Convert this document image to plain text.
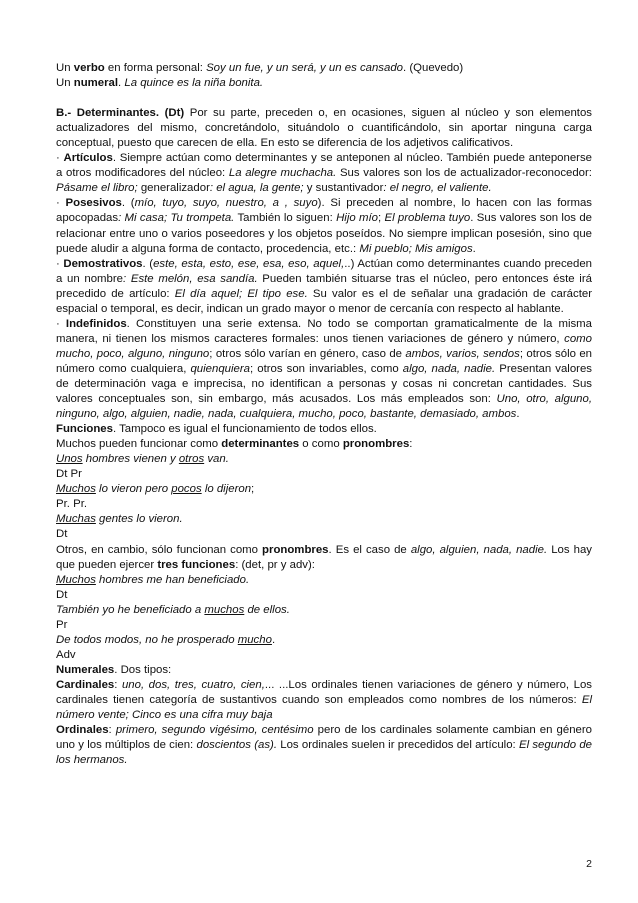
Un verbo en forma personal: Soy un fue, y un será, y un es cansado. (Quevedo)

Un numeral. La quince es la niña bonita.

B.- Determinantes. (Dt) Por su parte, preceden o, en ocasiones, siguen al núcleo y son elementos actualizadores del mismo, concretándolo, situándolo o cuantificándolo, sin aportar ninguna carga conceptual, puesto que carecen de ella. En esto se diferencia de los adjetivos calificativos.

· Artículos. Siempre actúan como determinantes y se anteponen al núcleo. También puede anteponerse a otros modificadores del núcleo: La alegre muchacha. Sus valores son los de actualizador-reconocedor: Pásame el libro; generalizador: el agua, la gente; y sustantivador: el negro, el valiente.

· Posesivos. (mío, tuyo, suyo, nuestro, a , suyo). Si preceden al nombre, lo hacen con las formas apocopadas: Mi casa; Tu trompeta. También lo siguen: Hijo mío; El problema tuyo. Sus valores son los de relacionar entre uno o varios poseedores y los objetos poseídos. No siempre implican posesión, sino que puede aludir a alguna forma de contacto, procedencia, etc.: Mi pueblo; Mis amigos.

· Demostrativos. (este, esta, esto, ese, esa, eso, aquel,..) Actúan como determinantes cuando preceden a un nombre: Este melón, esa sandía. Pueden también situarse tras el núcleo, pero entonces éste irá precedido de artículo: El día aquel; El tipo ese. Su valor es el de señalar una gradación de carácter espacial o temporal, es decir, indican un grado mayor o menor de cercanía con respecto al hablante.

· Indefinidos. Constituyen una serie extensa. No todo se comportan gramaticalmente de la misma manera, ni tienen los mismos caracteres formales: unos tienen variaciones de género y número, como mucho, poco, alguno, ninguno; otros sólo varían en género, caso de ambos, varios, sendos; otros sólo en número como cualquiera, quienquiera; otros son invariables, como algo, nada, nadie. Presentan valores de determinación vaga e imprecisa, no identifican a personas y cosas ni concretan cantidades. Sus valores conceptuales son, sin embargo, más acusados. Los más empleados son: Uno, otro, alguno, ninguno, algo, alguien, nadie, nada, cualquiera, mucho, poco, bastante, demasiado, ambos.

Funciones. Tampoco es igual el funcionamiento de todos ellos.

Muchos pueden funcionar como determinantes o como pronombres:

Unos hombres vienen y otros van.

Dt Pr

Muchos lo vieron pero pocos lo dijeron;

Pr. Pr.

Muchas gentes lo vieron.

Dt

Otros, en cambio, sólo funcionan como pronombres. Es el caso de algo, alguien, nada, nadie. Los hay que pueden ejercer tres funciones: (det, pr y adv):

Muchos hombres me han beneficiado.

Dt

También yo he beneficiado a muchos de ellos.

Pr

De todos modos, no he prosperado mucho.

Adv

Numerales. Dos tipos:

Cardinales: uno, dos, tres, cuatro, cien,... ...Los ordinales tienen variaciones de género y número, Los cardinales tienen categoría de sustantivos cuando son empleados como nombres de los números: El número vente; Cinco es una cifra muy baja

Ordinales: primero, segundo vigésimo, centésimo pero de los cardinales solamente cambian en género uno y los múltiplos de cien: doscientos (as). Los ordinales suelen ir precedidos del artículo: El segundo de los hermanos.

2
